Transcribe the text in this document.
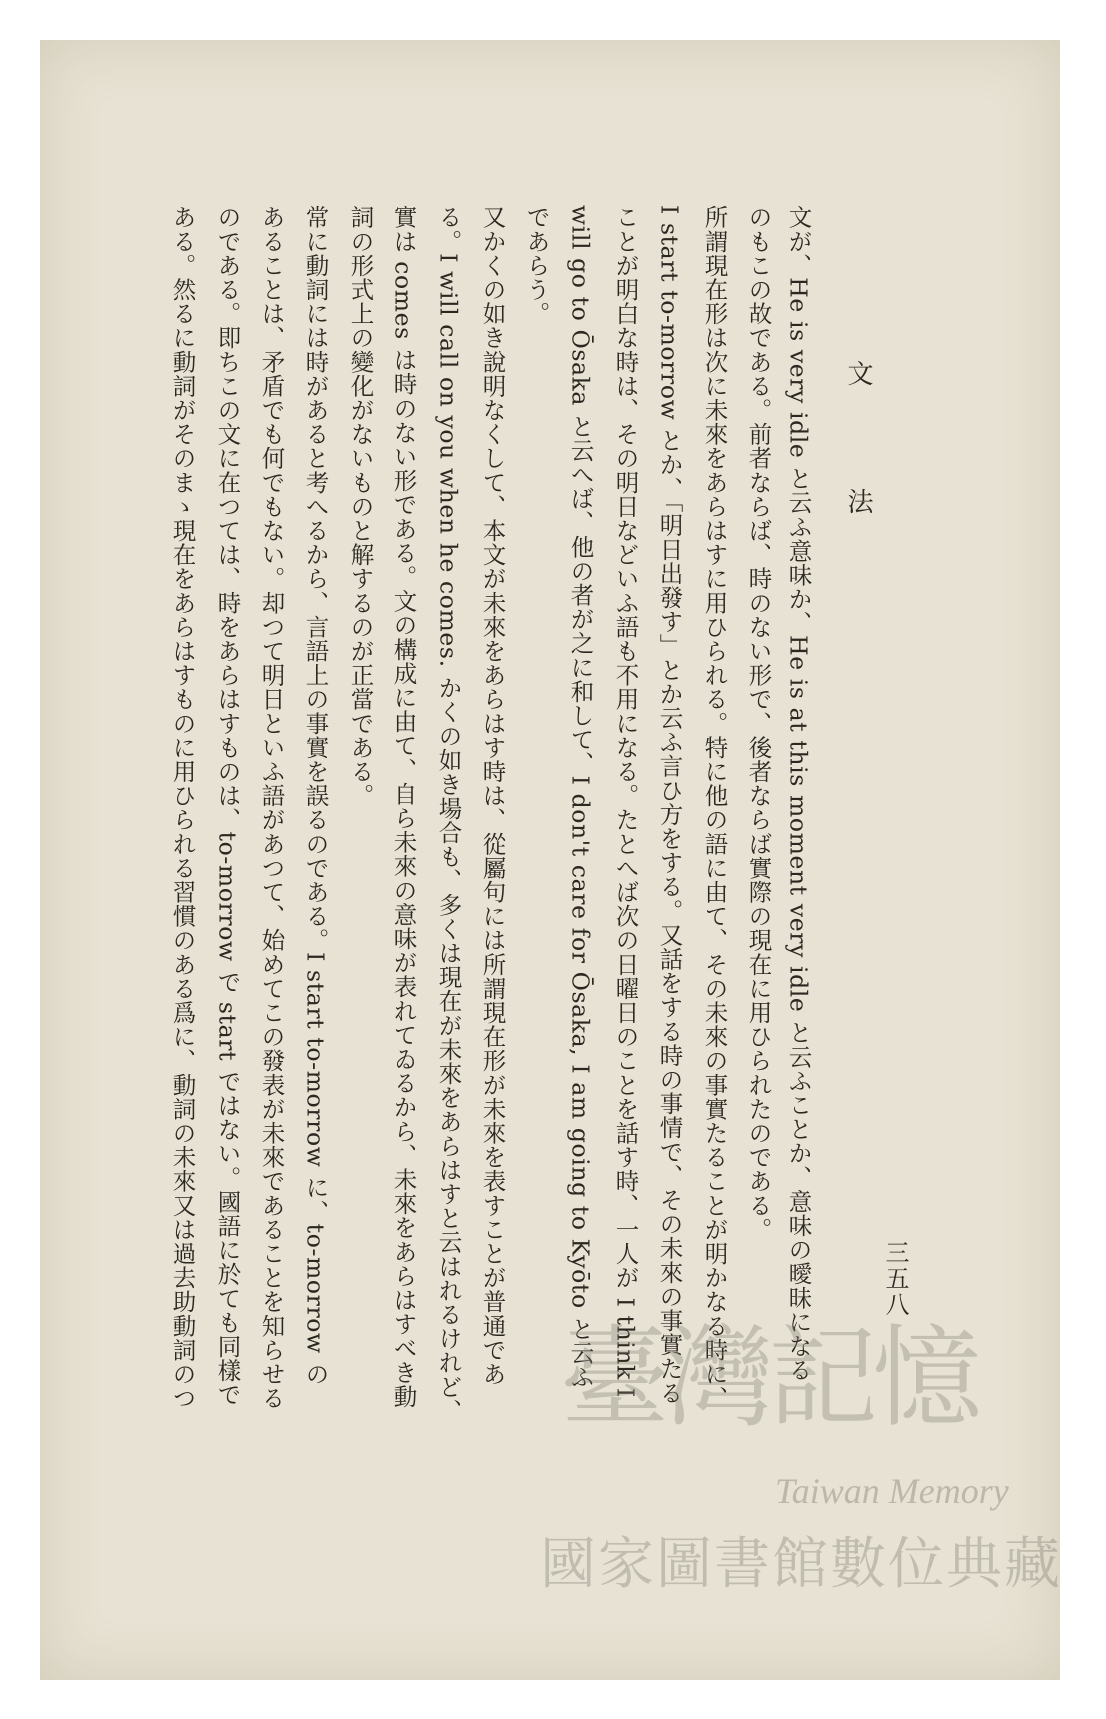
文　法
三五八
文が、He is very idle と云ふ意味か、He is at this moment very idle と云ふことか、意味の曖昧になる
のもこの故である。前者ならば、時のない形で、後者ならば實際の現在に用ひられたのである。
所謂現在形は次に未來をあらはすに用ひられる。特に他の語に由て、その未來の事實たることが明かなる時に、
I start to-morrow とか、「明日出發す」とか云ふ言ひ方をする。又話をする時の事情で、その未來の事實たる
ことが明白な時は、その明日などいふ語も不用になる。たとへば次の日曜日のことを話す時、一人が I think I
will go to Ōsaka と云へば、他の者が之に和して、I don't care for Ōsaka, I am going to Kyōto と云ふ
であらう。
又かくの如き說明なくして、本文が未來をあらはす時は、從屬句には所謂現在形が未來を表すことが普通であ
る。I will call on you when he comes. かくの如き場合も、多くは現在が未來をあらはすと云はれるけれど、
實は comes は時のない形である。文の構成に由て、自ら未來の意味が表れてゐるから、未來をあらはすべき動
詞の形式上の變化がないものと解するのが正當である。
常に動詞には時があると考へるから、言語上の事實を誤るのである。I start to-morrow に、to-morrow の
あることは、矛盾でも何でもない。却つて明日といふ語があつて、始めてこの發表が未來であることを知らせる
のである。即ちこの文に在つては、時をあらはすものは、to-morrow で start ではない。國語に於ても同樣で
ある。然るに動詞がそのまゝ現在をあらはすものに用ひられる習慣のある爲に、動詞の未來又は過去助動詞のつ	臺灣記憶
Taiwan Memory
國家圖書館數位典藏
